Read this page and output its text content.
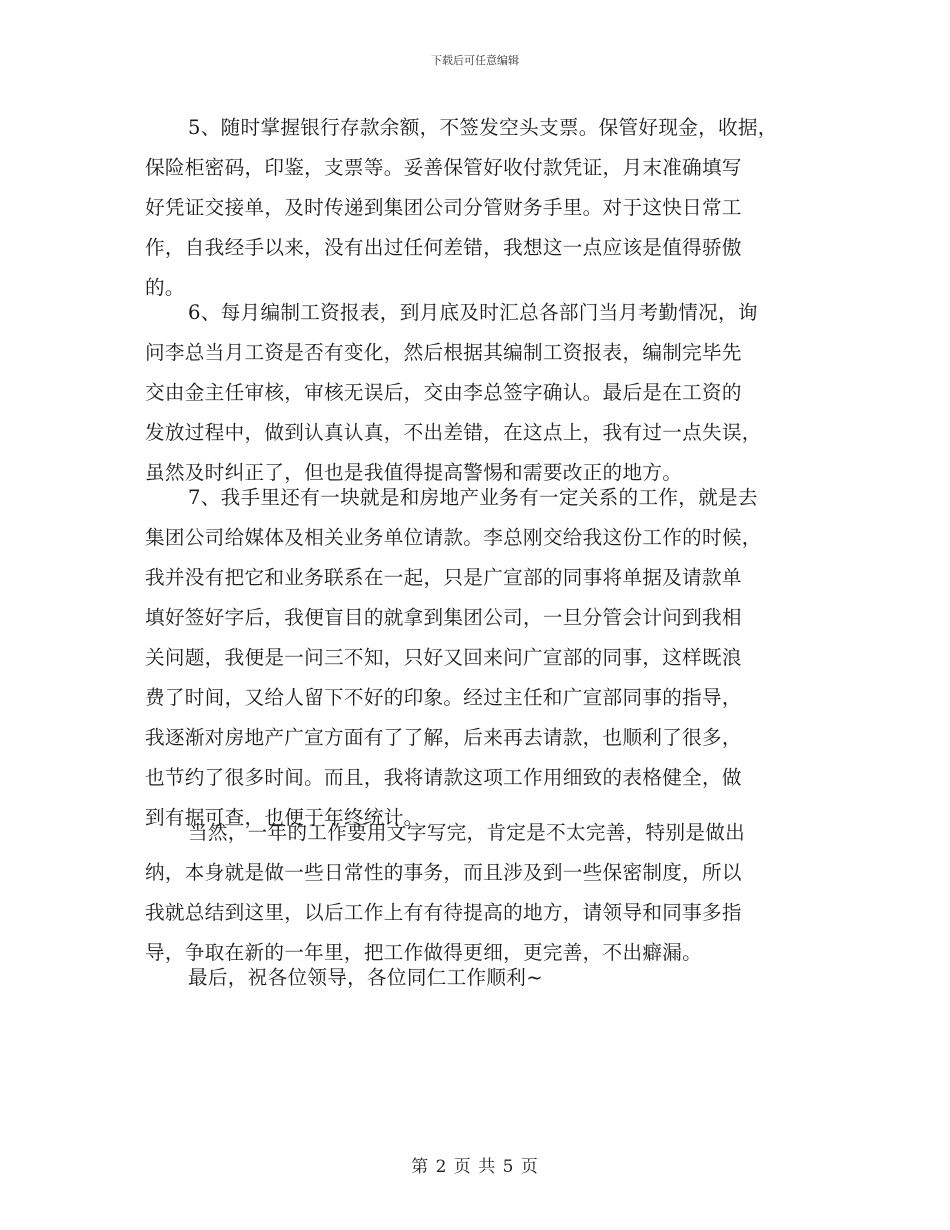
下载后可任意编辑
5、随时掌握银行存款余额，不签发空头支票。保管好现金，收据，
保险柜密码，印鉴，支票等。妥善保管好收付款凭证，月末准确填写
好凭证交接单，及时传递到集团公司分管财务手里。对于这快日常工
作，自我经手以来，没有出过任何差错，我想这一点应该是值得骄傲
的。
6、每月编制工资报表，到月底及时汇总各部门当月考勤情况，询
问李总当月工资是否有变化，然后根据其编制工资报表，编制完毕先
交由金主任审核，审核无误后，交由李总签字确认。最后是在工资的
发放过程中，做到认真认真，不出差错，在这点上，我有过一点失误，
虽然及时纠正了，但也是我值得提高警惕和需要改正的地方。
7、我手里还有一块就是和房地产业务有一定关系的工作，就是去
集团公司给媒体及相关业务单位请款。李总刚交给我这份工作的时候，
我并没有把它和业务联系在一起，只是广宣部的同事将单据及请款单
填好签好字后，我便盲目的就拿到集团公司，一旦分管会计问到我相
关问题，我便是一问三不知，只好又回来问广宣部的同事，这样既浪
费了时间，又给人留下不好的印象。经过主任和广宣部同事的指导，
我逐渐对房地产广宣方面有了了解，后来再去请款，也顺利了很多，
也节约了很多时间。而且，我将请款这项工作用细致的表格健全，做
到有据可查，也便于年终统计。
当然，一年的工作要用文字写完，肯定是不太完善，特别是做出
纳，本身就是做一些日常性的事务，而且涉及到一些保密制度，所以
我就总结到这里，以后工作上有有待提高的地方，请领导和同事多指
导，争取在新的一年里，把工作做得更细，更完善，不出癖漏。
最后，祝各位领导，各位同仁工作顺利~
第 2 页 共 5 页
